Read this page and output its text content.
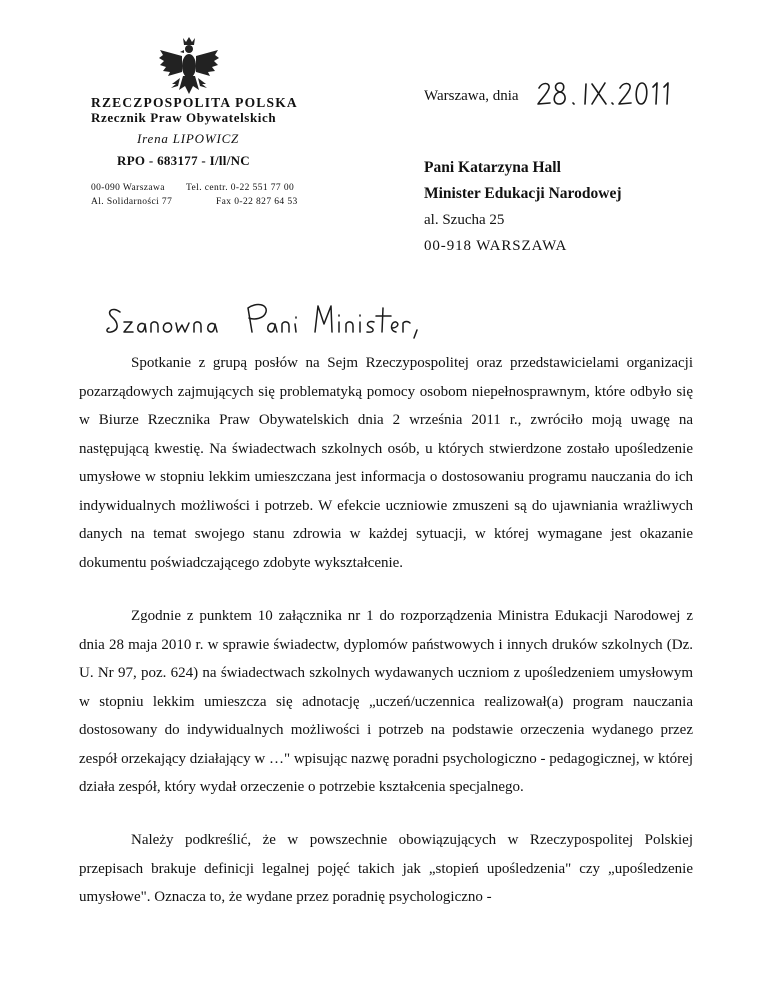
RZECZPOSPOLITA POLSKA
Rzecznik Praw Obywatelskich
Irena LIPOWICZ
RPO - 683177 - I/ll/NC
00-090 Warszawa
Al. Solidarności 77
Tel. centr. 0-22 551 77 00
Fax 0-22 827 64 53
Warszawa, dnia
Pani Katarzyna Hall
Minister Edukacji Narodowej
al. Szucha 25
00-918 WARSZAWA
Spotkanie z grupą posłów na Sejm Rzeczypospolitej oraz przedstawicielami organizacji pozarządowych zajmujących się problematyką pomocy osobom niepełnosprawnym, które odbyło się w Biurze Rzecznika Praw Obywatelskich dnia 2 września 2011 r., zwróciło moją uwagę na następującą kwestię. Na świadectwach szkolnych osób, u których stwierdzone zostało upośledzenie umysłowe w stopniu lekkim umieszczana jest informacja o dostosowaniu programu nauczania do ich indywidualnych możliwości i potrzeb. W efekcie uczniowie zmuszeni są do ujawniania wrażliwych danych na temat swojego stanu zdrowia w każdej sytuacji, w której wymagane jest okazanie dokumentu poświadczającego zdobyte wykształcenie.
Zgodnie z punktem 10 załącznika nr 1 do rozporządzenia Ministra Edukacji Narodowej z dnia 28 maja 2010 r. w sprawie świadectw, dyplomów państwowych i innych druków szkolnych (Dz. U. Nr 97, poz. 624) na świadectwach szkolnych wydawanych uczniom z upośledzeniem umysłowym w stopniu lekkim umieszcza się adnotację „uczeń/uczennica realizował(a) program nauczania dostosowany do indywidualnych możliwości i potrzeb na podstawie orzeczenia wydanego przez zespół orzekający działający w …" wpisując nazwę poradni psychologiczno - pedagogicznej, w której działa zespół, który wydał orzeczenie o potrzebie kształcenia specjalnego.
Należy podkreślić, że w powszechnie obowiązujących w Rzeczypospolitej Polskiej przepisach brakuje definicji legalnej pojęć takich jak „stopień upośledzenia" czy „upośledzenie umysłowe". Oznacza to, że wydane przez poradnię psychologiczno -
